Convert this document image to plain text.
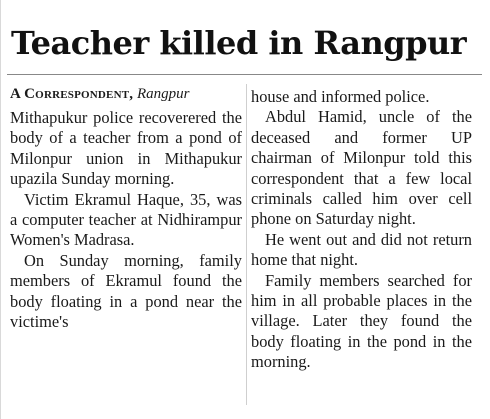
Teacher killed in Rangpur
A Correspondent, Rangpur

Mithapukur police recoverered the body of a teacher from a pond of Milonpur union in Mithapukur upazila Sunday morning.

Victim Ekramul Haque, 35, was a computer teacher at Nidhirampur Women's Madrasa.

On Sunday morning, family members of Ekramul found the body floating in a pond near the victime's

house and informed police.

Abdul Hamid, uncle of the deceased and former UP chairman of Milonpur told this correspondent that a few local criminals called him over cell phone on Saturday night.

He went out and did not return home that night.

Family members searched for him in all probable places in the village. Later they found the body floating in the pond in the morning.
